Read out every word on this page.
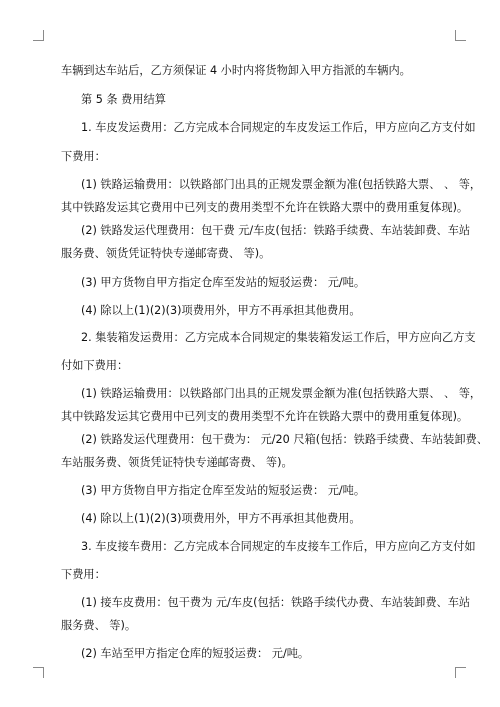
车辆到达车站后，乙方须保证 4 小时内将货物卸入甲方指派的车辆内。
第 5 条 费用结算
1. 车皮发运费用：乙方完成本合同规定的车皮发运工作后，甲方应向乙方支付如
下费用：
(1) 铁路运输费用：以铁路部门出具的正规发票金额为准(包括铁路大票、 、 等，
其中铁路发运其它费用中已列支的费用类型不允许在铁路大票中的费用重复体现)。
(2) 铁路发运代理费用：包干费 元/车皮(包括：铁路手续费、车站装卸费、车站
服务费、领货凭证特快专递邮寄费、 等)。
(3) 甲方货物自甲方指定仓库至发站的短驳运费： 元/吨。
(4) 除以上(1)(2)(3)项费用外，甲方不再承担其他费用。
2. 集装箱发运费用：乙方完成本合同规定的集装箱发运工作后，甲方应向乙方支
付如下费用：
(1) 铁路运输费用：以铁路部门出具的正规发票金额为准(包括铁路大票、 、 等，
其中铁路发运其它费用中已列支的费用类型不允许在铁路大票中的费用重复体现)。
(2) 铁路发运代理费用：包干费为： 元/20 尺箱(包括：铁路手续费、车站装卸费、
车站服务费、领货凭证特快专递邮寄费、 等)。
(3) 甲方货物自甲方指定仓库至发站的短驳运费： 元/吨。
(4) 除以上(1)(2)(3)项费用外，甲方不再承担其他费用。
3. 车皮接车费用：乙方完成本合同规定的车皮接车工作后，甲方应向乙方支付如
下费用：
(1) 接车皮费用：包干费为 元/车皮(包括：铁路手续代办费、车站装卸费、车站
服务费、 等)。
(2) 车站至甲方指定仓库的短驳运费： 元/吨。
